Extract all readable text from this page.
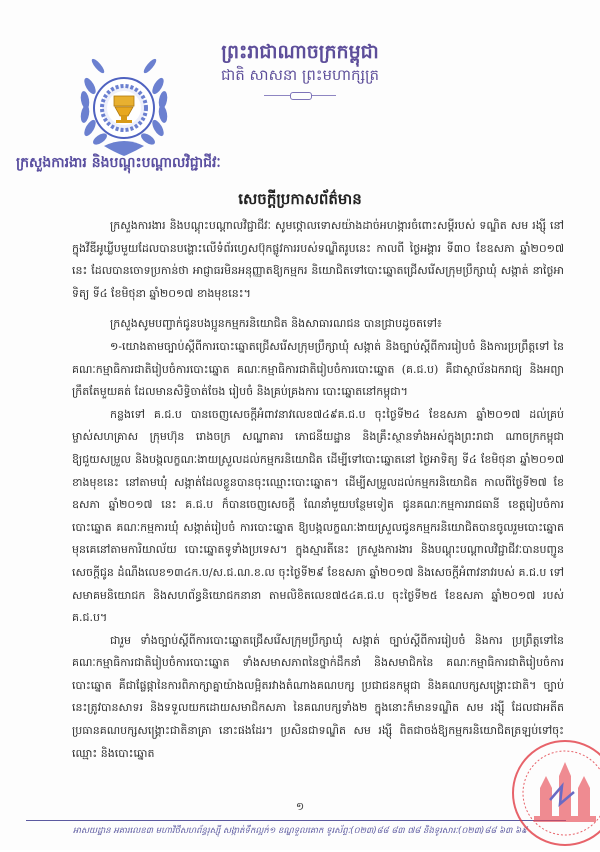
ព្រះរាជាណាចក្រកម្ពុជា
ជាតិ សាសនា ព្រះមហាក្សត្រ
ក្រសួងការងារ និងបណ្តុះបណ្តាលវិជ្ជាជីវៈ
សេចក្តីប្រកាសព័ត៌មាន

ក្រសួងការងារ និងបណ្តុះបណ្តាលវិជ្ជាជីវៈ សូមថ្កោលទោសយ៉ាងដាច់អហង្ការចំពោះសម្តីរបស់ ទណ្ឌិត សម រង្ស៊ី នៅក្នុងវីឌីអូឃ្លីបមួយដែលបានបង្ហោះលើទំព័រហ្វេសប៊ុកផ្លូវការរបស់ទណ្ឌិតរូបនេះ កាលពី ថ្ងៃអង្គារ ទី៣០ ខែឧសភា ឆ្នាំ២០១៧ នេះ ដែលបានចោទប្រកាន់ថា អាជ្ញាធរមិនអនុញ្ញាតឱ្យកម្មករ និយោជិតទៅបោះឆ្នោតជ្រើសរើសក្រុមប្រឹក្សាឃុំ សង្កាត់ នាថ្ងៃអាទិត្យ ទី៤ ខែមិថុនា ឆ្នាំ២០១៧ ខាងមុខនេះ។

ក្រសួងសូមបញ្ជាក់ជូនបងប្អូនកម្មករនិយោជិត និងសាធារណជន បានជ្រាបដូចតទៅ៖

១-យោងតាមច្បាប់ស្តីពីការបោះឆ្នោតជ្រើសរើសក្រុមប្រឹក្សាឃុំ សង្កាត់ និងច្បាប់ស្តីពីការរៀបចំ និងការប្រព្រឹត្តទៅ នៃគណៈកម្មាធិការជាតិរៀបចំការបោះឆ្នោត គណៈកម្មាធិការជាតិរៀបចំការបោះឆ្នោត (គ.ជ.ប) គឺជាស្ថាប័នឯករាជ្យ និងអព្យាក្រឹតតែមួយគត់ ដែលមានសិទ្ធិចាត់ចែង រៀបចំ និងគ្រប់គ្រងការ បោះឆ្នោតនៅកម្ពុជា។

កន្លងទៅ គ.ជ.ប បានចេញសេចក្តីអំពាវនាវលេខ៧៤៩គ.ជ.ប ចុះថ្ងៃទី២៤ ខែឧសភា ឆ្នាំ២០១៧ ដល់គ្រប់ម្ចាស់សហគ្រាស ក្រុមហ៊ុន រោងចក្រ សណ្ឋាគារ ភោជនីយដ្ឋាន និងគ្រឹះស្ថានទាំងអស់ក្នុងព្រះរាជា ណាចក្រកម្ពុជា ឱ្យជួយសម្រួល និងបង្កលក្ខណៈងាយស្រួលដល់កម្មករនិយោជិត ដើម្បីទៅបោះឆ្នោតនៅ ថ្ងៃអាទិត្យ ទី៤ ខែមិថុនា ឆ្នាំ២០១៧ ខាងមុខនេះ នៅតាមឃុំ សង្កាត់ដែលខ្លួនបានចុះឈ្មោះបោះឆ្នោត។ ដើម្បីសម្រួលដល់កម្មករនិយោជិត កាលពីថ្ងៃទី២៧ ខែឧសភា ឆ្នាំ២០១៧ នេះ គ.ជ.ប ក៏បានចេញសេចក្តី ណែនាំមួយបន្ថែមទៀត ជូនគណៈកម្មការរាជធានី ខេត្តរៀបចំការបោះឆ្នោត គណៈកម្មការឃុំ សង្កាត់រៀបចំ ការបោះឆ្នោត ឱ្យបង្កលក្ខណៈងាយស្រួលជូនកម្មករនិយោជិតបានចូលរួមបោះឆ្នោតមុនគេនៅតាមការិយាល័យ បោះឆ្នោតទូទាំងប្រទេស។ ក្នុងស្មារតីនេះ ក្រសួងការងារ និងបណ្តុះបណ្តាលវិជ្ជាជីវៈបានបញ្ជូនសេចក្តីជូន ដំណឹងលេខ១៣៤ក.ប/ស.ជ.ណ.ខ.ល ចុះថ្ងៃទី២៩ ខែឧសភា ឆ្នាំ២០១៧ និងសេចក្តីអំពាវនាវរបស់ គ.ជ.ប ទៅសមាគមនិយោជក និងសហព័ន្ធនិយោជកនានា តាមលិខិតលេខ៧៥៤គ.ជ.ប ចុះថ្ងៃទី២៥ ខែឧសភា ឆ្នាំ២០១៧ របស់ គ.ជ.ប។

ជារួម ទាំងច្បាប់ស្តីពីការបោះឆ្នោតជ្រើសរើសក្រុមប្រឹក្សាឃុំ សង្កាត់ ច្បាប់ស្តីពីការរៀបចំ និងការ ប្រព្រឹត្តទៅនៃគណៈកម្មាធិការជាតិរៀបចំការបោះឆ្នោត ទាំងសមាសភាពនៃថ្នាក់ដឹកនាំ និងសមាជិកនៃ គណៈកម្មាធិការជាតិរៀបចំការបោះឆ្នោត គឺជាផ្លែផ្កានៃការពិភាក្សាគ្នាយ៉ាងលម្អិតរវាងតំណាងគណបក្ស ប្រជាជនកម្ពុជា និងគណបក្សសង្គ្រោះជាតិ។ ច្បាប់នេះត្រូវបានសាទរ និងទទួលយកដោយសមាជិកសភា នៃគណបក្សទាំង២ ក្នុងនោះក៏មានទណ្ឌិត សម រង្ស៊ី ដែលជាអតីតប្រធានគណបក្សសង្គ្រោះជាតិនាគ្រា នោះផងដែរ។ ប្រសិនជាទណ្ឌិត សម រង្ស៊ី ពិតជាចង់ឱ្យកម្មករនិយោជិតត្រឡប់ទៅចុះឈ្មោះ និងបោះឆ្នោត

១
អាសយដ្ឋាន អគារលេខ៣ មហាវិថីសហព័ន្ធរុស្ស៊ី សង្កាត់ទឹកល្អក់១ ខណ្ឌទួលគោក ទូរស័ព្ទៈ(០២៣)៨៨ ៨៣ ៧៨ និងទូរសារៈ(០២៣)៨៨ ៦៣ ៦៩
